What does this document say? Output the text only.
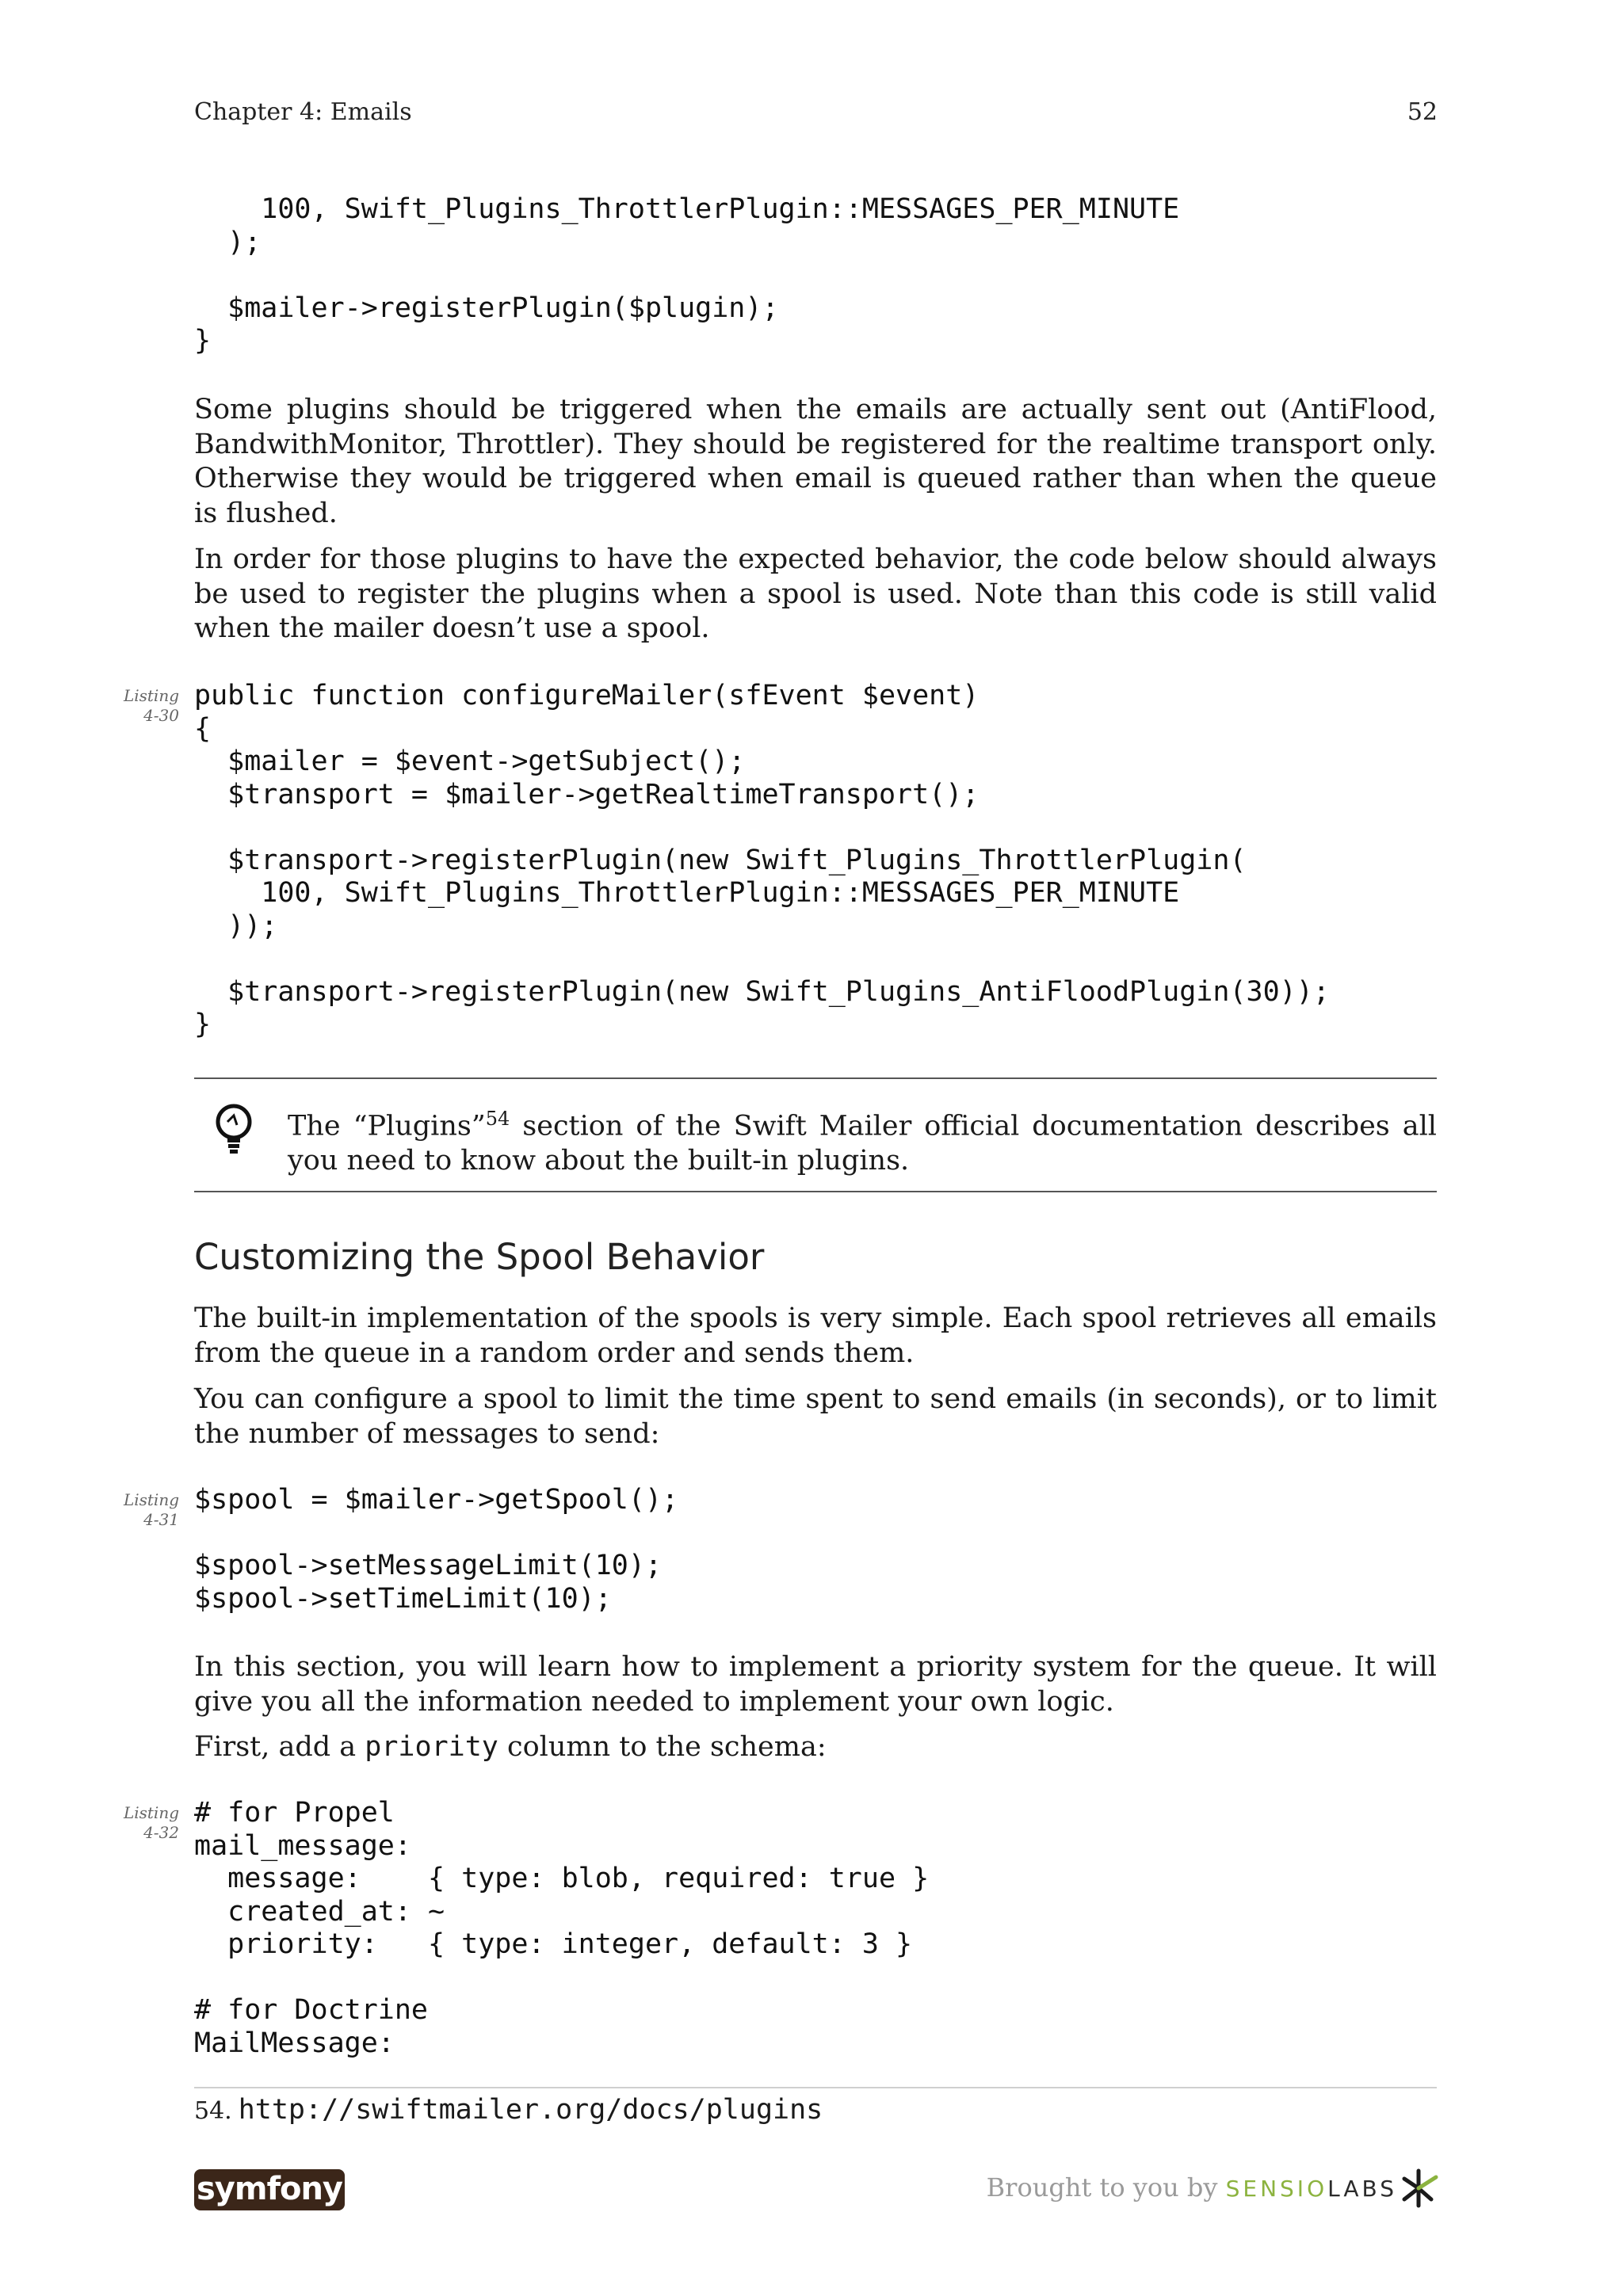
Chapter 4: Emails	52
100, Swift_Plugins_ThrottlerPlugin::MESSAGES_PER_MINUTE
);

$mailer->registerPlugin($plugin);
}

Some plugins should be triggered when the emails are actually sent out (AntiFlood, BandwithMonitor, Throttler). They should be registered for the realtime transport only. Otherwise they would be triggered when email is queued rather than when the queue is flushed.

In order for those plugins to have the expected behavior, the code below should always be used to register the plugins when a spool is used. Note than this code is still valid when the mailer doesn’t use a spool.

Listing
4-30
public function configureMailer(sfEvent $event)
{
$mailer = $event->getSubject();
$transport = $mailer->getRealtimeTransport();

$transport->registerPlugin(new Swift_Plugins_ThrottlerPlugin(
100, Swift_Plugins_ThrottlerPlugin::MESSAGES_PER_MINUTE
));

$transport->registerPlugin(new Swift_Plugins_AntiFloodPlugin(30));
}

The “Plugins”$^{54}$ section of the Swift Mailer official documentation describes all you need to know about the built-in plugins.

Customizing the Spool Behavior

The built-in implementation of the spools is very simple. Each spool retrieves all emails from the queue in a random order and sends them.

You can configure a spool to limit the time spent to send emails (in seconds), or to limit the number of messages to send:

Listing
4-31
$spool = $mailer->getSpool();

$spool->setMessageLimit(10);
$spool->setTimeLimit(10);

In this section, you will learn how to implement a priority system for the queue. It will give you all the information needed to implement your own logic.

First, add a priority column to the schema:

Listing
4-32
# for Propel
mail_message:
message:    { type: blob, required: true }
created_at: ~
priority:   { type: integer, default: 3 }

# for Doctrine
MailMessage:
54. http://swiftmailer.org/docs/plugins
symfony	Brought to you by SENSIOLABS
